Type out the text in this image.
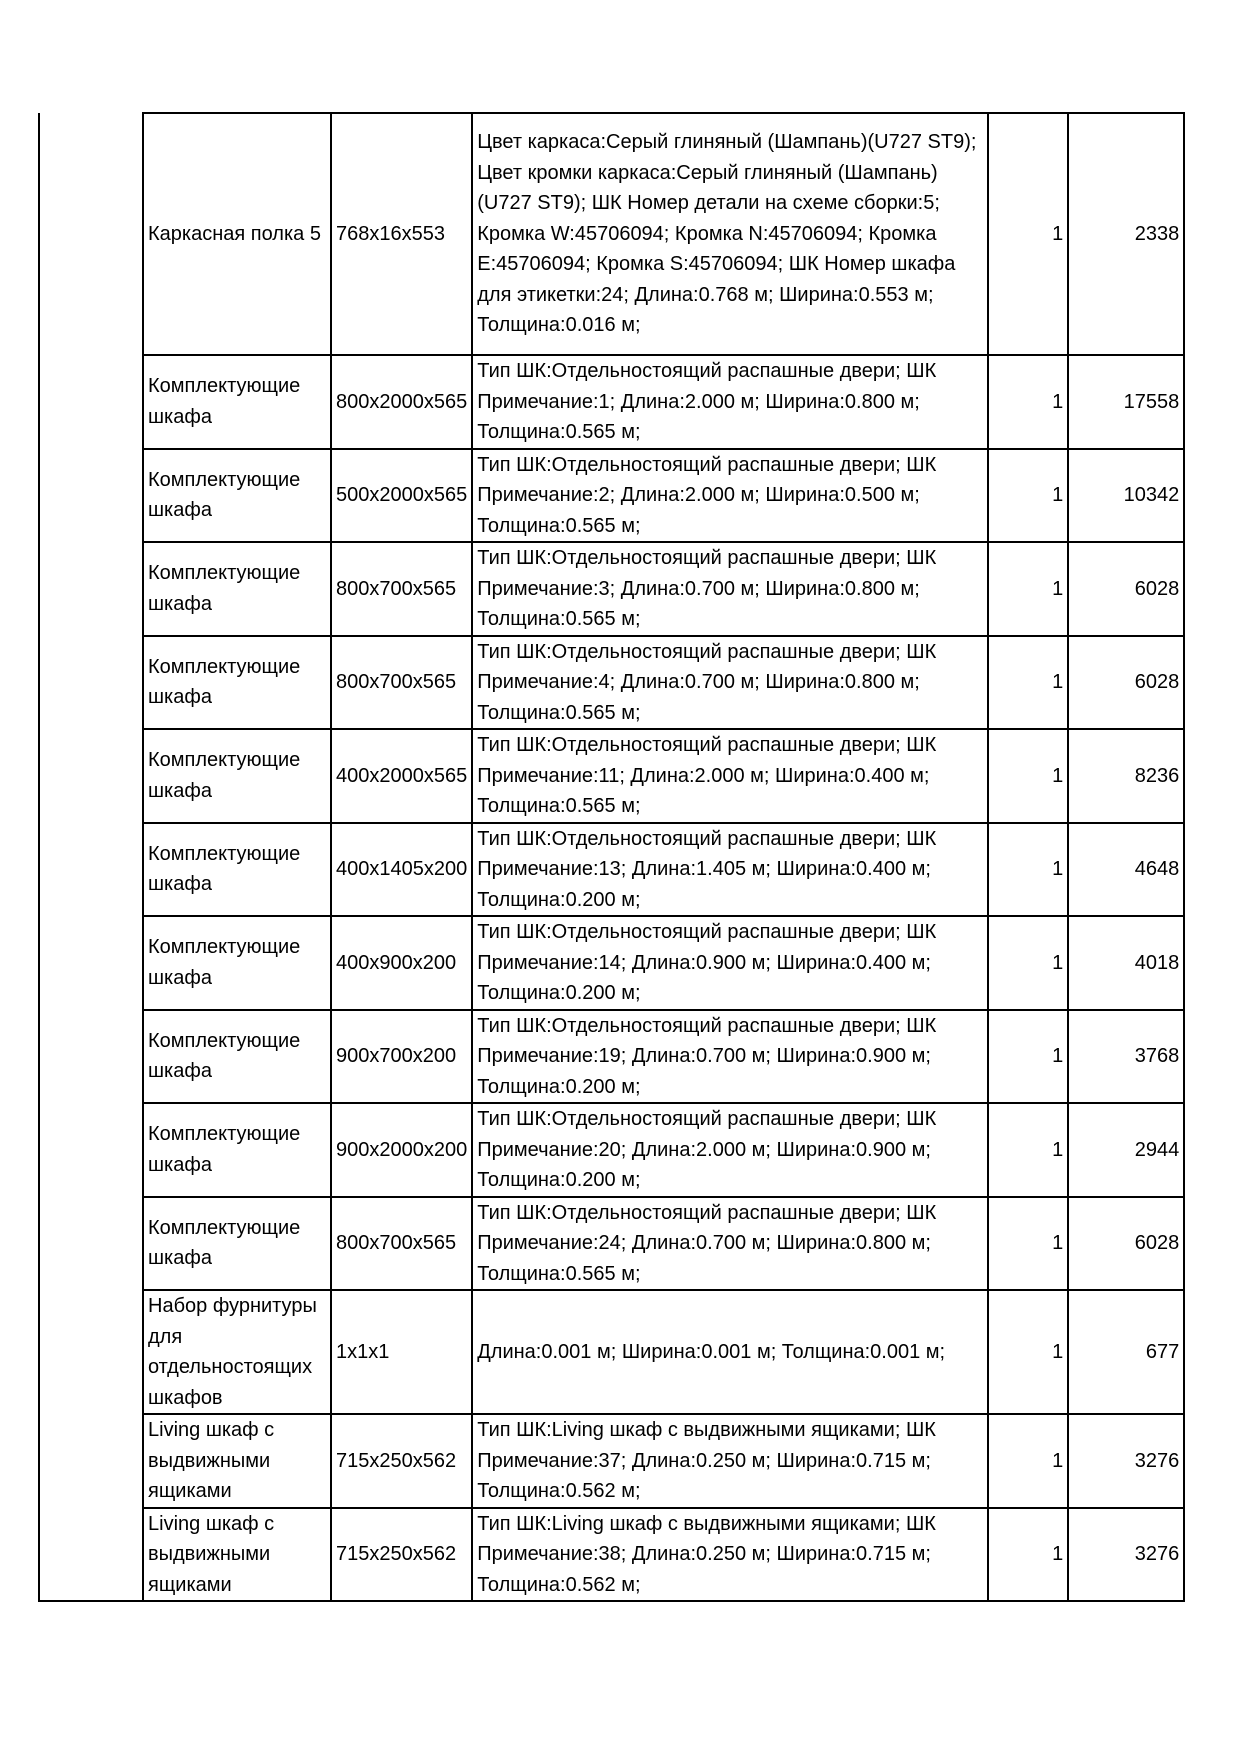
	Каркасная полка 5	768x16x553	Цвет каркаса:Серый глиняный (Шампань)(U727 ST9); Цвет кромки каркаса:Серый глиняный (Шампань)(U727 ST9); ШК Номер детали на схеме сборки:5; Кромка W:45706094; Кромка N:45706094; Кромка E:45706094; Кромка S:45706094; ШК Номер шкафа для этикетки:24; Длина:0.768 м; Ширина:0.553 м; Толщина:0.016 м;	1	2338
	Комплектующие шкафа	800x2000x565	Тип ШК:Отдельностоящий распашные двери; ШК Примечание:1; Длина:2.000 м; Ширина:0.800 м; Толщина:0.565 м;	1	17558
	Комплектующие шкафа	500x2000x565	Тип ШК:Отдельностоящий распашные двери; ШК Примечание:2; Длина:2.000 м; Ширина:0.500 м; Толщина:0.565 м;	1	10342
	Комплектующие шкафа	800x700x565	Тип ШК:Отдельностоящий распашные двери; ШК Примечание:3; Длина:0.700 м; Ширина:0.800 м; Толщина:0.565 м;	1	6028
	Комплектующие шкафа	800x700x565	Тип ШК:Отдельностоящий распашные двери; ШК Примечание:4; Длина:0.700 м; Ширина:0.800 м; Толщина:0.565 м;	1	6028
	Комплектующие шкафа	400x2000x565	Тип ШК:Отдельностоящий распашные двери; ШК Примечание:11; Длина:2.000 м; Ширина:0.400 м; Толщина:0.565 м;	1	8236
	Комплектующие шкафа	400x1405x200	Тип ШК:Отдельностоящий распашные двери; ШК Примечание:13; Длина:1.405 м; Ширина:0.400 м; Толщина:0.200 м;	1	4648
	Комплектующие шкафа	400x900x200	Тип ШК:Отдельностоящий распашные двери; ШК Примечание:14; Длина:0.900 м; Ширина:0.400 м; Толщина:0.200 м;	1	4018
	Комплектующие шкафа	900x700x200	Тип ШК:Отдельностоящий распашные двери; ШК Примечание:19; Длина:0.700 м; Ширина:0.900 м; Толщина:0.200 м;	1	3768
	Комплектующие шкафа	900x2000x200	Тип ШК:Отдельностоящий распашные двери; ШК Примечание:20; Длина:2.000 м; Ширина:0.900 м; Толщина:0.200 м;	1	2944
	Комплектующие шкафа	800x700x565	Тип ШК:Отдельностоящий распашные двери; ШК Примечание:24; Длина:0.700 м; Ширина:0.800 м; Толщина:0.565 м;	1	6028
	Набор фурнитуры для отдельностоящих шкафов	1x1x1	Длина:0.001 м; Ширина:0.001 м; Толщина:0.001 м;	1	677
	Living шкаф с выдвижными ящиками	715x250x562	Тип ШК:Living шкаф с выдвижными ящиками; ШК Примечание:37; Длина:0.250 м; Ширина:0.715 м; Толщина:0.562 м;	1	3276
	Living шкаф с выдвижными ящиками	715x250x562	Тип ШК:Living шкаф с выдвижными ящиками; ШК Примечание:38; Длина:0.250 м; Ширина:0.715 м; Толщина:0.562 м;	1	3276
